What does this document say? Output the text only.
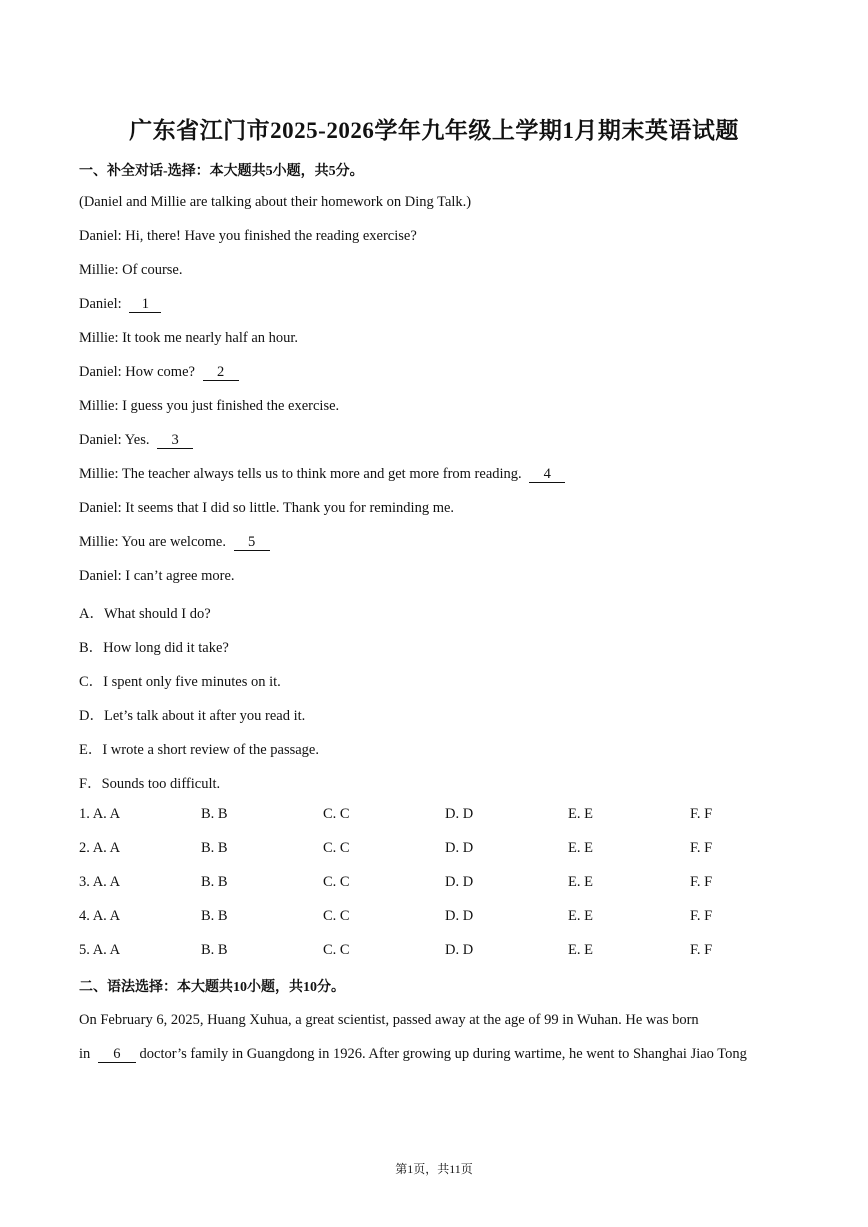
广东省江门市2025-2026学年九年级上学期1月期末英语试题
一、补全对话-选择：本大题共5小题，共5分。
(Daniel and Millie are talking about their homework on Ding Talk.)
Daniel: Hi, there! Have you finished the reading exercise?
Millie: Of course.
Daniel: 1
Millie: It took me nearly half an hour.
Daniel: How come? 2
Millie: I guess you just finished the exercise.
Daniel: Yes. 3
Millie: The teacher always tells us to think more and get more from reading. 4
Daniel: It seems that I did so little. Thank you for reminding me.
Millie: You are welcome. 5
Daniel: I can’t agree more.
A．What should I do?
B．How long did it take?
C．I spent only five minutes on it.
D．Let’s talk about it after you read it.
E．I wrote a short review of the passage.
F．Sounds too difficult.
1. A. A	B. B	C. C	D. D	E. E	F. F
2. A. A	B. B	C. C	D. D	E. E	F. F
3. A. A	B. B	C. C	D. D	E. E	F. F
4. A. A	B. B	C. C	D. D	E. E	F. F
5. A. A	B. B	C. C	D. D	E. E	F. F
二、语法选择：本大题共10小题，共10分。
On February 6, 2025, Huang Xuhua, a great scientist, passed away at the age of 99 in Wuhan. He was born
in 6 doctor’s family in Guangdong in 1926. After growing up during wartime, he went to Shanghai Jiao Tong
第1页，共11页
